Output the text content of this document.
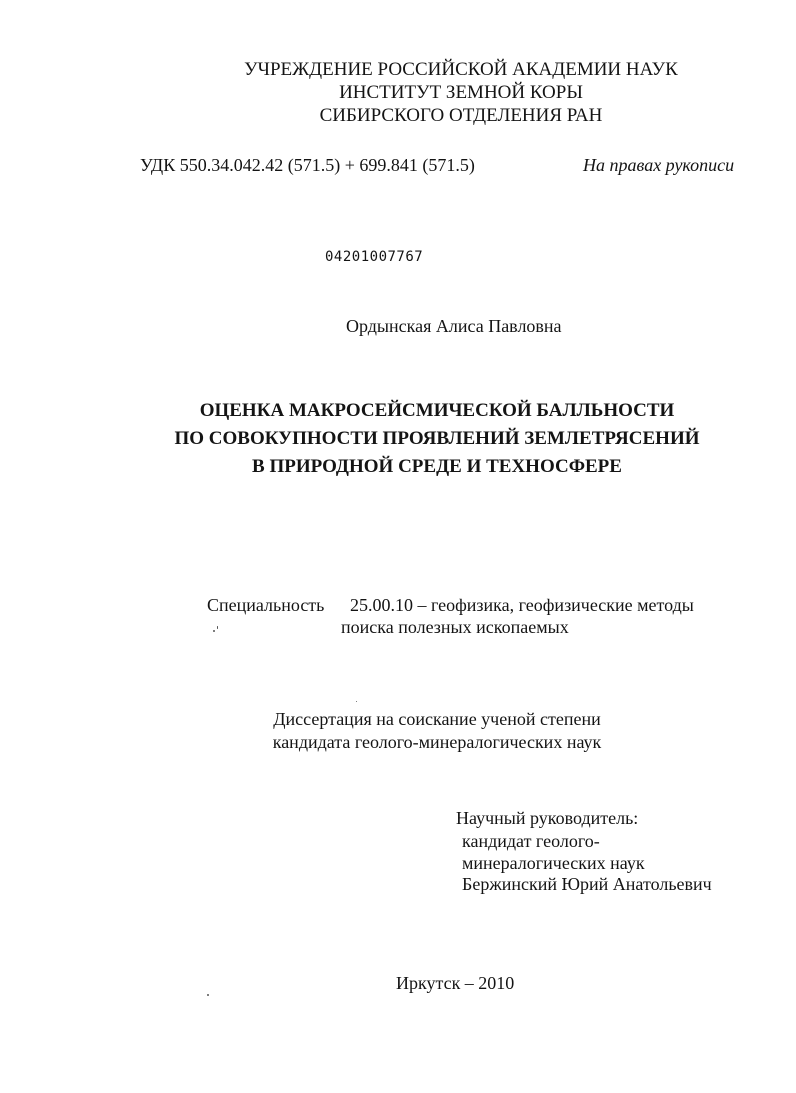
УЧРЕЖДЕНИЕ РОССИЙСКОЙ АКАДЕМИИ НАУК
ИНСТИТУТ ЗЕМНОЙ КОРЫ
СИБИРСКОГО ОТДЕЛЕНИЯ РАН
УДК 550.34.042.42 (571.5) + 699.841 (571.5)	На правах рукописи
04201007767
Ордынская Алиса Павловна
ОЦЕНКА МАКРОСЕЙСМИЧЕСКОЙ БАЛЛЬНОСТИ
ПО СОВОКУПНОСТИ ПРОЯВЛЕНИЙ ЗЕМЛЕТРЯСЕНИЙ
В ПРИРОДНОЙ СРЕДЕ И ТЕХНОСФЕРЕ
Специальность 25.00.10 – геофизика, геофизические методы
поиска полезных ископаемых
Диссертация на соискание ученой степени
кандидата геолого-минералогических наук
Научный руководитель:
кандидат геолого-
минералогических наук
Бержинский Юрий Анатольевич
Иркутск – 2010
